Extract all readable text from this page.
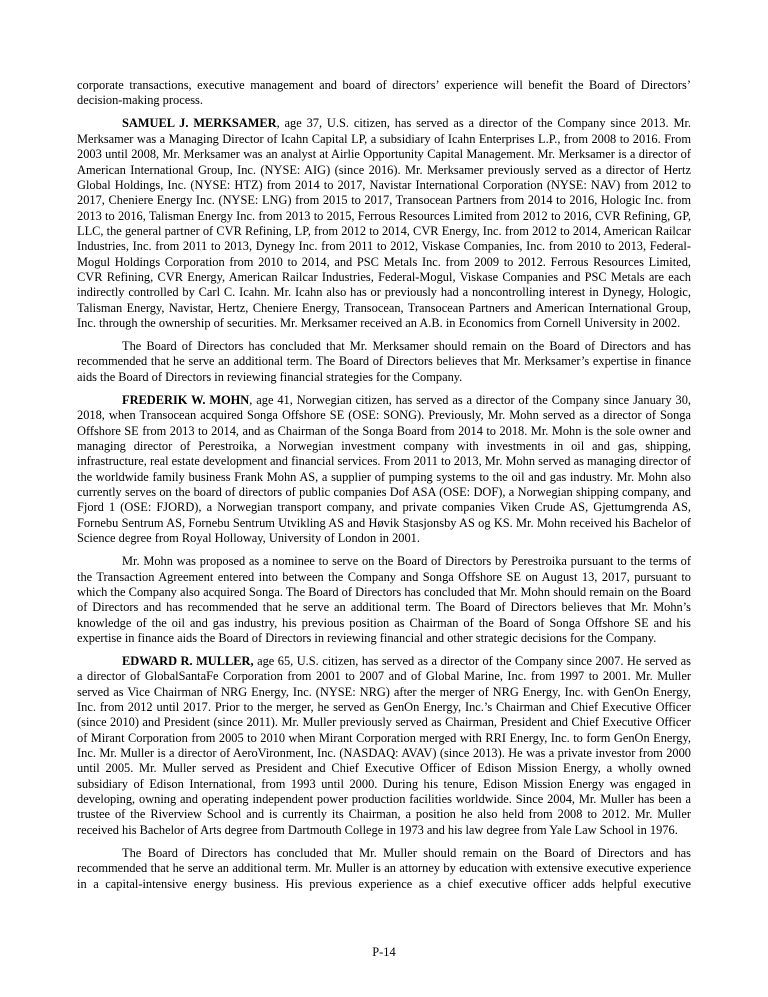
corporate transactions, executive management and board of directors’ experience will benefit the Board of Directors’ decision-making process.

SAMUEL J. MERKSAMER, age 37, U.S. citizen, has served as a director of the Company since 2013. Mr. Merksamer was a Managing Director of Icahn Capital LP, a subsidiary of Icahn Enterprises L.P., from 2008 to 2016. From 2003 until 2008, Mr. Merksamer was an analyst at Airlie Opportunity Capital Management. Mr. Merksamer is a director of American International Group, Inc. (NYSE: AIG) (since 2016). Mr. Merksamer previously served as a director of Hertz Global Holdings, Inc. (NYSE: HTZ) from 2014 to 2017, Navistar International Corporation (NYSE: NAV) from 2012 to 2017, Cheniere Energy Inc. (NYSE: LNG) from 2015 to 2017, Transocean Partners from 2014 to 2016, Hologic Inc. from 2013 to 2016, Talisman Energy Inc. from 2013 to 2015, Ferrous Resources Limited from 2012 to 2016, CVR Refining, GP, LLC, the general partner of CVR Refining, LP, from 2012 to 2014, CVR Energy, Inc. from 2012 to 2014, American Railcar Industries, Inc. from 2011 to 2013, Dynegy Inc. from 2011 to 2012, Viskase Companies, Inc. from 2010 to 2013, Federal-Mogul Holdings Corporation from 2010 to 2014, and PSC Metals Inc. from 2009 to 2012. Ferrous Resources Limited, CVR Refining, CVR Energy, American Railcar Industries, Federal-Mogul, Viskase Companies and PSC Metals are each indirectly controlled by Carl C. Icahn. Mr. Icahn also has or previously had a noncontrolling interest in Dynegy, Hologic, Talisman Energy, Navistar, Hertz, Cheniere Energy, Transocean, Transocean Partners and American International Group, Inc. through the ownership of securities. Mr. Merksamer received an A.B. in Economics from Cornell University in 2002.

The Board of Directors has concluded that Mr. Merksamer should remain on the Board of Directors and has recommended that he serve an additional term. The Board of Directors believes that Mr. Merksamer’s expertise in finance aids the Board of Directors in reviewing financial strategies for the Company.

FREDERIK W. MOHN, age 41, Norwegian citizen, has served as a director of the Company since January 30, 2018, when Transocean acquired Songa Offshore SE (OSE: SONG). Previously, Mr. Mohn served as a director of Songa Offshore SE from 2013 to 2014, and as Chairman of the Songa Board from 2014 to 2018. Mr. Mohn is the sole owner and managing director of Perestroika, a Norwegian investment company with investments in oil and gas, shipping, infrastructure, real estate development and financial services. From 2011 to 2013, Mr. Mohn served as managing director of the worldwide family business Frank Mohn AS, a supplier of pumping systems to the oil and gas industry. Mr. Mohn also currently serves on the board of directors of public companies Dof ASA (OSE: DOF), a Norwegian shipping company, and Fjord 1 (OSE: FJORD), a Norwegian transport company, and private companies Viken Crude AS, Gjettumgrenda AS, Fornebu Sentrum AS, Fornebu Sentrum Utvikling AS and Høvik Stasjonsby AS og KS. Mr. Mohn received his Bachelor of Science degree from Royal Holloway, University of London in 2001.

Mr. Mohn was proposed as a nominee to serve on the Board of Directors by Perestroika pursuant to the terms of the Transaction Agreement entered into between the Company and Songa Offshore SE on August 13, 2017, pursuant to which the Company also acquired Songa. The Board of Directors has concluded that Mr. Mohn should remain on the Board of Directors and has recommended that he serve an additional term. The Board of Directors believes that Mr. Mohn’s knowledge of the oil and gas industry, his previous position as Chairman of the Board of Songa Offshore SE and his expertise in finance aids the Board of Directors in reviewing financial and other strategic decisions for the Company.

EDWARD R. MULLER, age 65, U.S. citizen, has served as a director of the Company since 2007. He served as a director of GlobalSantaFe Corporation from 2001 to 2007 and of Global Marine, Inc. from 1997 to 2001. Mr. Muller served as Vice Chairman of NRG Energy, Inc. (NYSE: NRG) after the merger of NRG Energy, Inc. with GenOn Energy, Inc. from 2012 until 2017. Prior to the merger, he served as GenOn Energy, Inc.’s Chairman and Chief Executive Officer (since 2010) and President (since 2011). Mr. Muller previously served as Chairman, President and Chief Executive Officer of Mirant Corporation from 2005 to 2010 when Mirant Corporation merged with RRI Energy, Inc. to form GenOn Energy, Inc. Mr. Muller is a director of AeroVironment, Inc. (NASDAQ: AVAV) (since 2013). He was a private investor from 2000 until 2005. Mr. Muller served as President and Chief Executive Officer of Edison Mission Energy, a wholly owned subsidiary of Edison International, from 1993 until 2000. During his tenure, Edison Mission Energy was engaged in developing, owning and operating independent power production facilities worldwide. Since 2004, Mr. Muller has been a trustee of the Riverview School and is currently its Chairman, a position he also held from 2008 to 2012. Mr. Muller received his Bachelor of Arts degree from Dartmouth College in 1973 and his law degree from Yale Law School in 1976.

The Board of Directors has concluded that Mr. Muller should remain on the Board of Directors and has recommended that he serve an additional term. Mr. Muller is an attorney by education with extensive executive experience in a capital-intensive energy business. His previous experience as a chief executive officer adds helpful executive

P-14
